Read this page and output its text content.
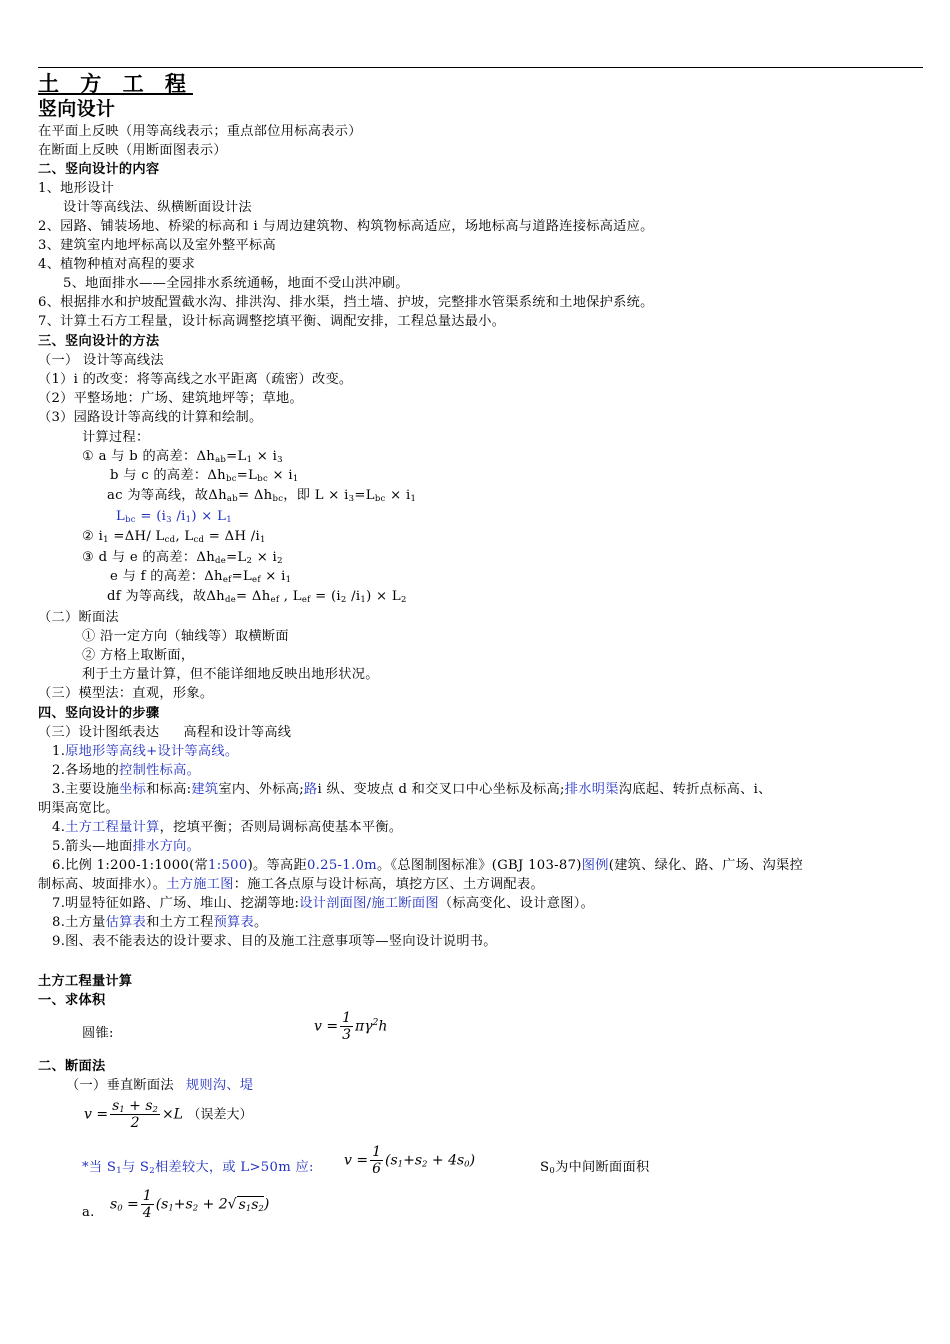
土 方 工 程
竖向设计
在平面上反映（用等高线表示；重点部位用标高表示）
在断面上反映（用断面图表示）
二、竖向设计的内容
1、地形设计
设计等高线法、纵横断面设计法
2、园路、铺装场地、桥梁的标高和 i 与周边建筑物、构筑物标高适应，场地标高与道路连接标高适应。
3、建筑室内地坪标高以及室外整平标高
4、植物种植对高程的要求
5、地面排水——全园排水系统通畅，地面不受山洪冲刷。
6、根据排水和护坡配置截水沟、排洪沟、排水渠，挡土墙、护坡，完整排水管渠系统和土地保护系统。
7、计算土石方工程量，设计标高调整挖填平衡、调配安排，工程总量达最小。
三、竖向设计的方法
（一） 设计等高线法
（1）i 的改变：将等高线之水平距离（疏密）改变。
（2）平整场地：广场、建筑地坪等；草地。
（3）园路设计等高线的计算和绘制。
计算过程：
① a 与 b 的高差：$\Delta h_{ab}=L_1 \times i_3$
b 与 c 的高差：$\Delta h_{bc}=L_{bc} \times i_1$
ac 为等高线，故$\Delta h_{ab}= \Delta h_{bc}$，即 $L \times i_3=L_{bc} \times i_1$
$L_{bc} = (i_3$ $/i_1) \times L_1$
② $i_1 =\Delta H/$ $L_{cd}$, $L_{cd} = \Delta H$ $/i_1$
③ d 与 e 的高差：$\Delta h_{de}=L_2 \times i_2$
e 与 f 的高差：$\Delta h_{ef}=L_{ef} \times i_1$
df 为等高线，故$\Delta h_{de}= \Delta h_{ef}$ , $L_{ef} = (i_2$ $/i_1) \times L_2$
（二）断面法
① 沿一定方向（轴线等）取横断面
② 方格上取断面，
利于土方量计算，但不能详细地反映出地形状况。
（三）模型法：直观，形象。
四、竖向设计的步骤
（三）设计图纸表达 高程和设计等高线
1.原地形等高线+设计等高线。
2.各场地的控制性标高。
3.主要设施坐标和标高:建筑室内、外标高;路i 纵、变坡点 d 和交叉口中心坐标及标高;排水明渠沟底起、转折点标高、i、
明渠高宽比。
4.土方工程量计算，挖填平衡；否则局调标高使基本平衡。
5.箭头—地面排水方向。
6.比例 1:200-1:1000(常1:500)。等高距0.25-1.0m。《总图制图标准》(GBJ 103-87)图例(建筑、绿化、路、广场、沟渠控
制标高、坡面排水）。土方施工图：施工各点原与设计标高，填挖方区、土方调配表。
7.明显特征如路、广场、堆山、挖湖等地:设计剖面图/施工断面图（标高变化、设计意图）。
8.土方量估算表和土方工程预算表。
9.图、表不能表达的设计要求、目的及施工注意事项等—竖向设计说明书。
土方工程量计算
一、求体积
圆锥:	$v = \frac{1}{3} \pi\gamma^2h$
二、断面法
（一）垂直断面法 规则沟、堤
$v = \frac{s_1 + s_2}{2} \times L$ （误差大）
*当 $S_1$与 $S_2$相差较大，或 L>50m 应: $v = \frac{1}{6} (s_1+s_2 + 4s_0)$	$S_0$为中间断面面积
a. $s_0 = \frac{1}{4} (s_1+s_2 + 2√$ $s_1s_2$)
